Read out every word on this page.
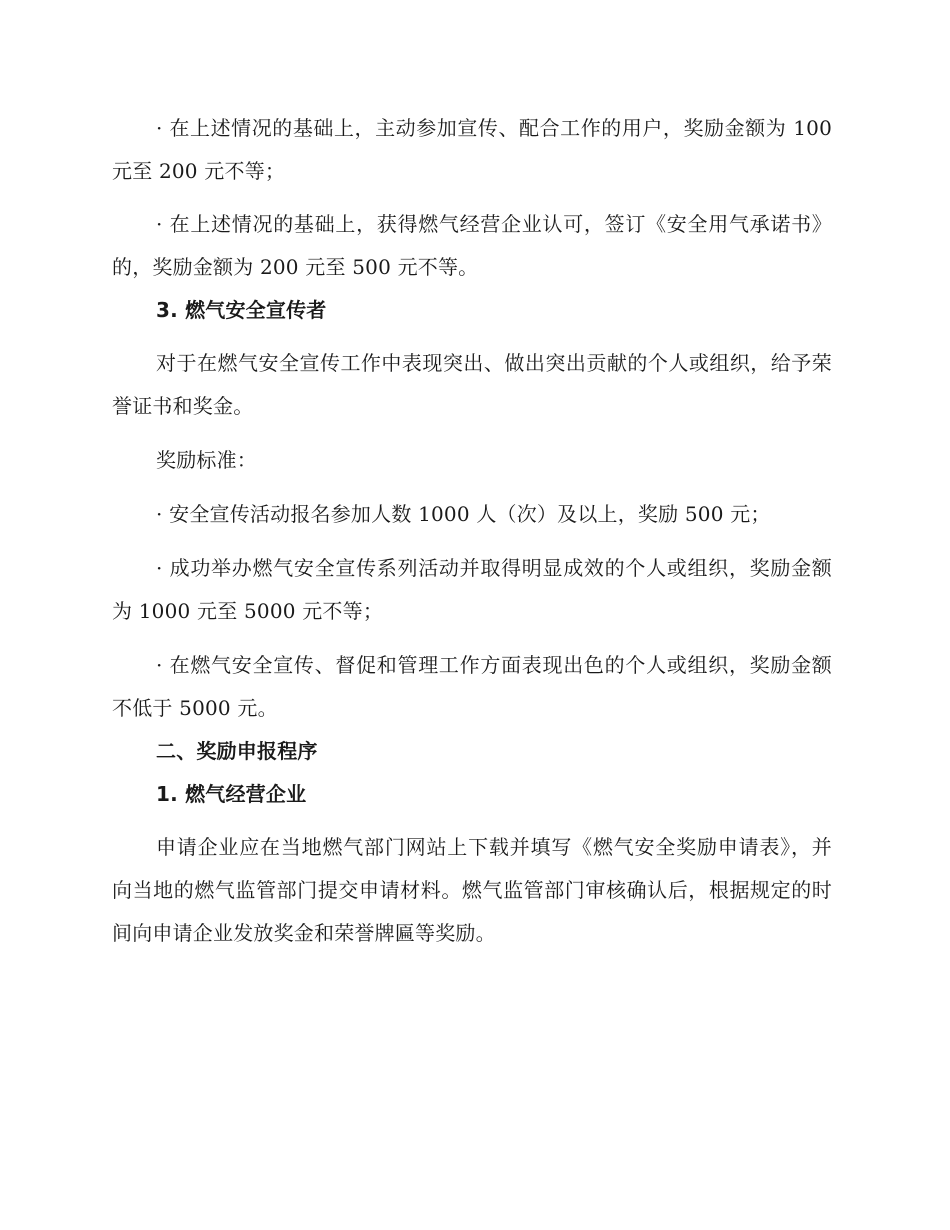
· 在上述情况的基础上，主动参加宣传、配合工作的用户，奖励金额为 100 元至 200 元不等；

· 在上述情况的基础上，获得燃气经营企业认可，签订《安全用气承诺书》的，奖励金额为 200 元至 500 元不等。

3. 燃气安全宣传者

对于在燃气安全宣传工作中表现突出、做出突出贡献的个人或组织，给予荣誉证书和奖金。

奖励标准：

· 安全宣传活动报名参加人数 1000 人（次）及以上，奖励 500 元；

· 成功举办燃气安全宣传系列活动并取得明显成效的个人或组织，奖励金额为 1000 元至 5000 元不等；

· 在燃气安全宣传、督促和管理工作方面表现出色的个人或组织，奖励金额不低于 5000 元。

二、奖励申报程序

1. 燃气经营企业

申请企业应在当地燃气部门网站上下载并填写《燃气安全奖励申请表》，并向当地的燃气监管部门提交申请材料。燃气监管部门审核确认后，根据规定的时间向申请企业发放奖金和荣誉牌匾等奖励。
